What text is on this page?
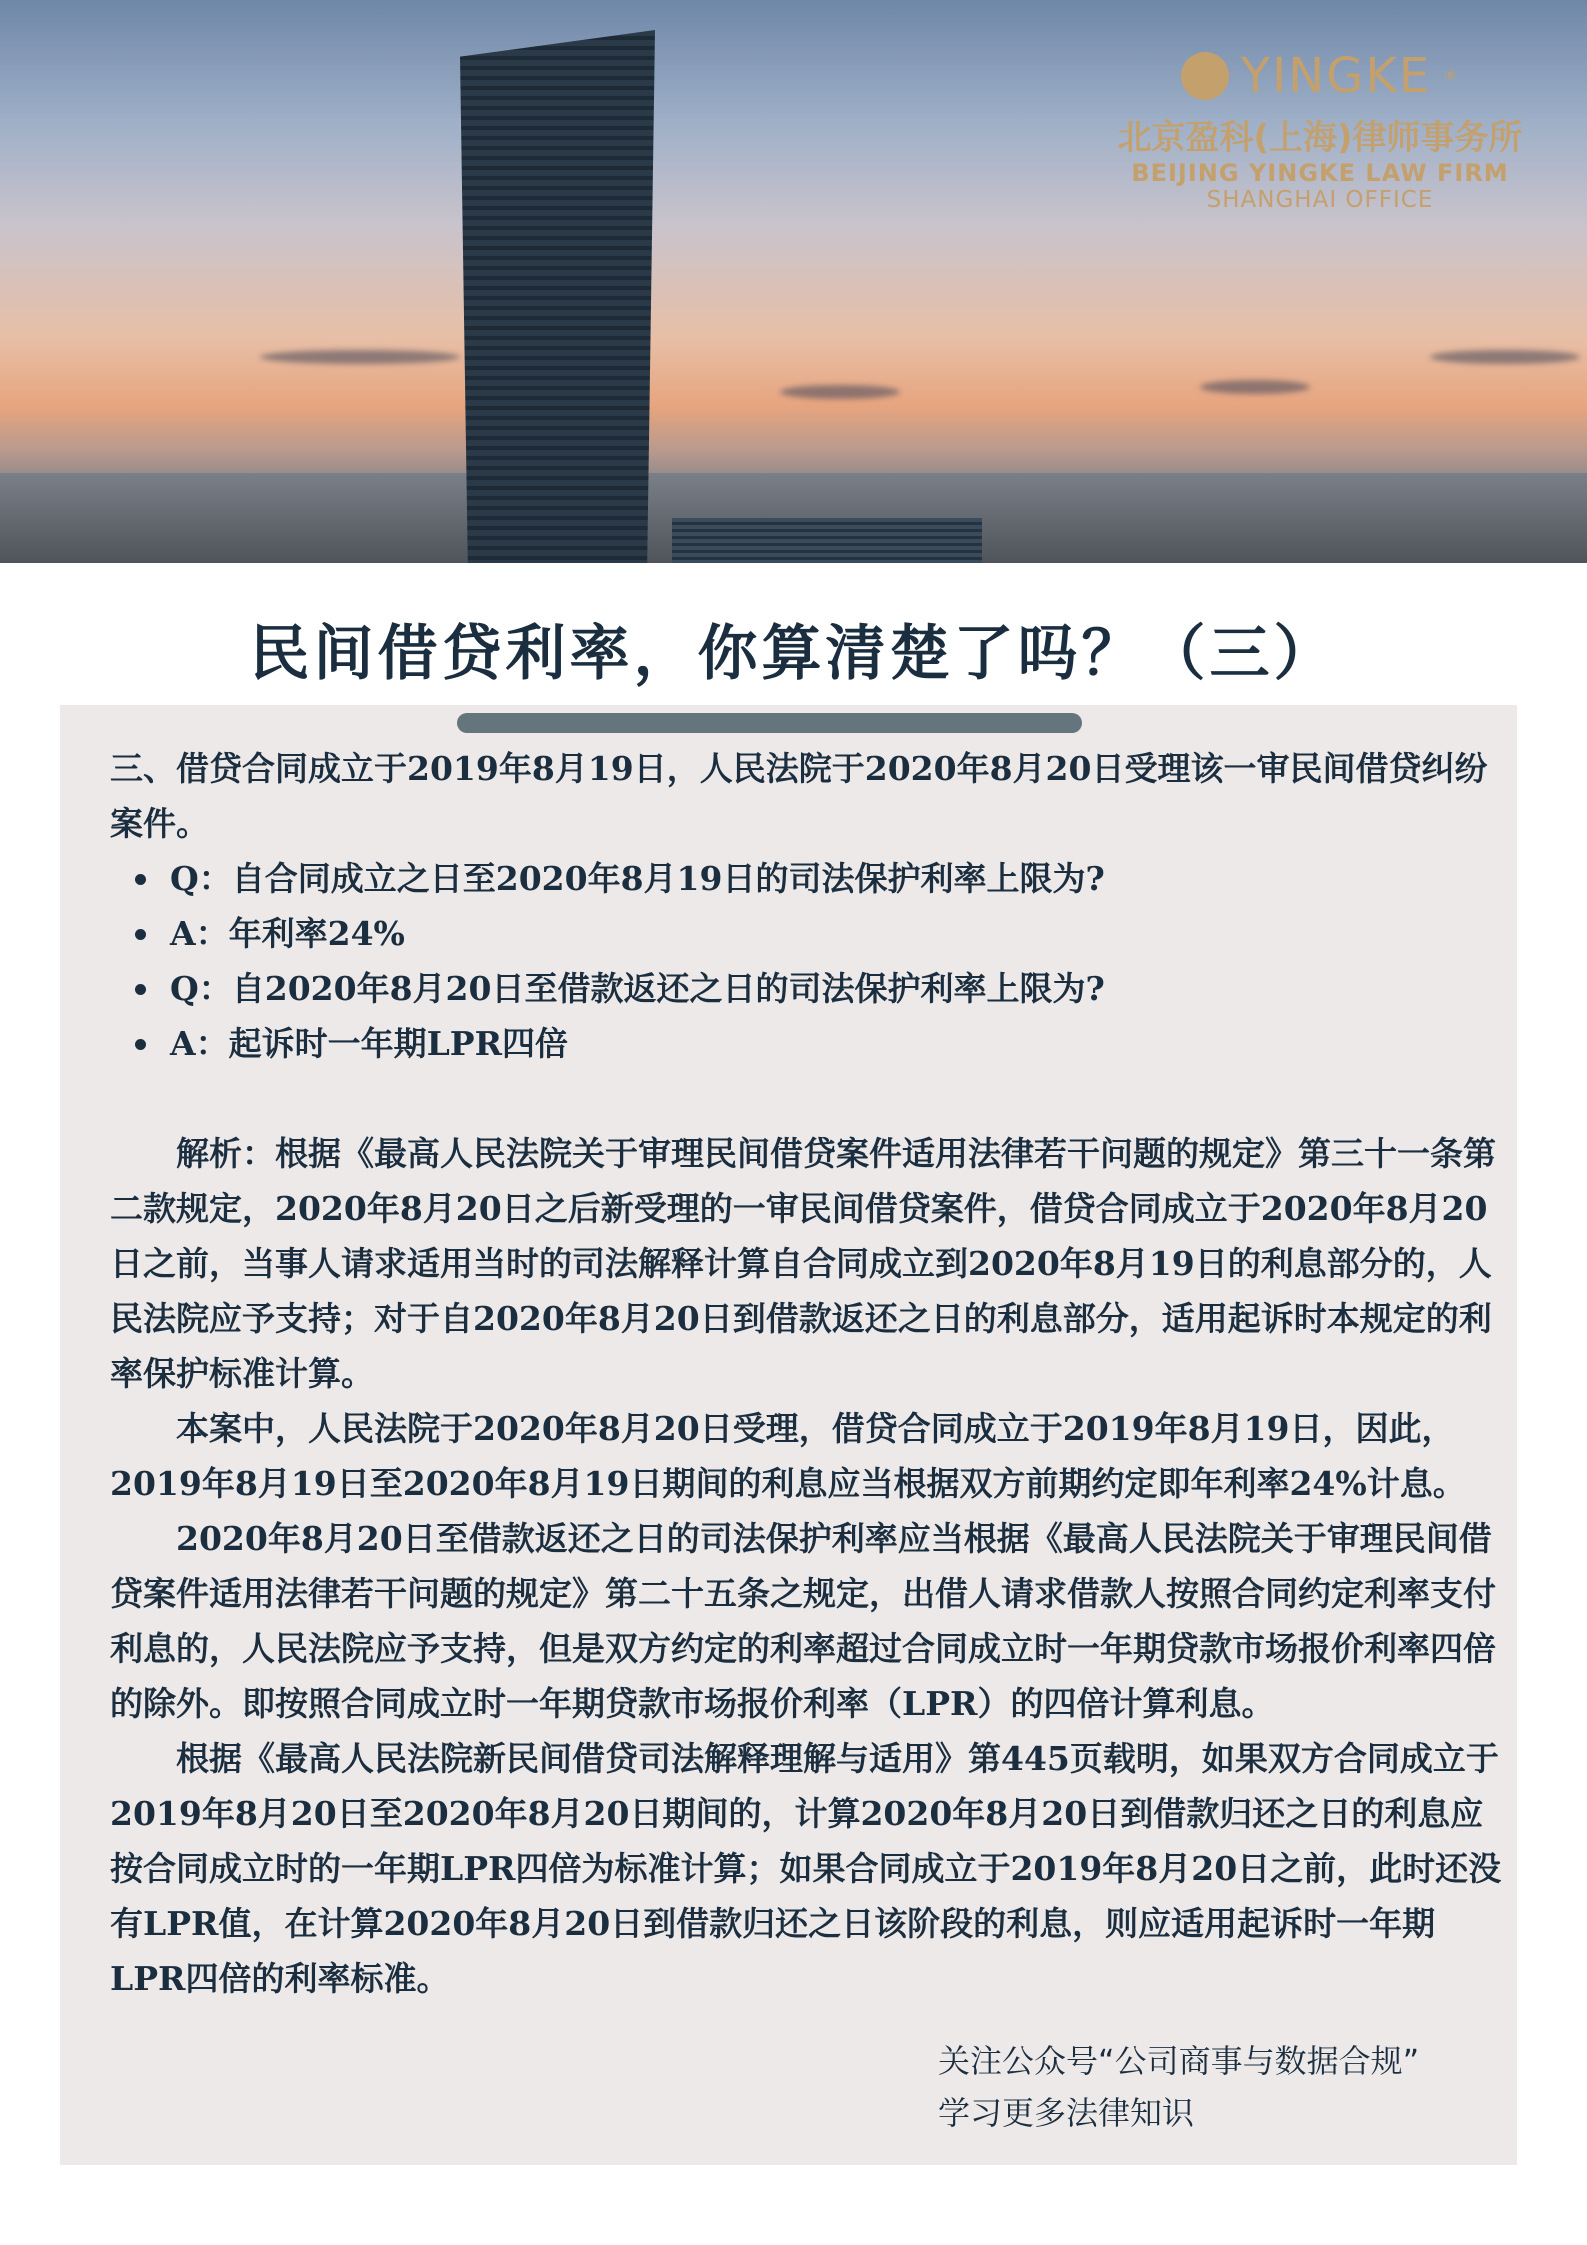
YINGKE ®
北京盈科(上海)律师事务所
BEIJING YINGKE LAW FIRM
SHANGHAI OFFICE
民间借贷利率，你算清楚了吗？（三）

三、借贷合同成立于2019年8月19日，人民法院于2020年8月20日受理该一审民间借贷纠纷案件。

Q：自合同成立之日至2020年8月19日的司法保护利率上限为?
A：年利率24%
Q：自2020年8月20日至借款返还之日的司法保护利率上限为?
A：起诉时一年期LPR四倍

解析：根据《最高人民法院关于审理民间借贷案件适用法律若干问题的规定》第三十一条第二款规定，2020年8月20日之后新受理的一审民间借贷案件，借贷合同成立于2020年8月20日之前，当事人请求适用当时的司法解释计算自合同成立到2020年8月19日的利息部分的，人民法院应予支持；对于自2020年8月20日到借款返还之日的利息部分，适用起诉时本规定的利率保护标准计算。

本案中，人民法院于2020年8月20日受理，借贷合同成立于2019年8月19日，因此，2019年8月19日至2020年8月19日期间的利息应当根据双方前期约定即年利率24%计息。

2020年8月20日至借款返还之日的司法保护利率应当根据《最高人民法院关于审理民间借贷案件适用法律若干问题的规定》第二十五条之规定，出借人请求借款人按照合同约定利率支付利息的，人民法院应予支持，但是双方约定的利率超过合同成立时一年期贷款市场报价利率四倍的除外。即按照合同成立时一年期贷款市场报价利率（LPR）的四倍计算利息。

根据《最高人民法院新民间借贷司法解释理解与适用》第445页载明，如果双方合同成立于2019年8月20日至2020年8月20日期间的，计算2020年8月20日到借款归还之日的利息应按合同成立时的一年期LPR四倍为标准计算；如果合同成立于2019年8月20日之前，此时还没有LPR值，在计算2020年8月20日到借款归还之日该阶段的利息，则应适用起诉时一年期LPR四倍的利率标准。

关注公众号“公司商事与数据合规”
学习更多法律知识
